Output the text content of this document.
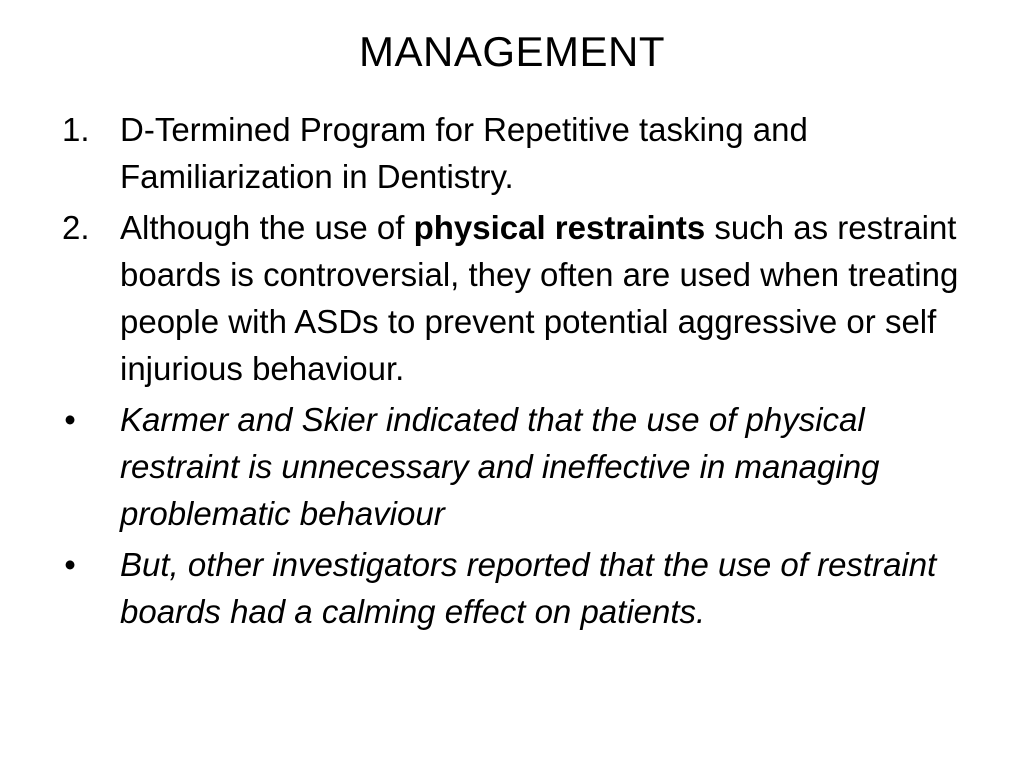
MANAGEMENT
1. D-Termined Program for Repetitive tasking and Familiarization in Dentistry.
2. Although the use of physical restraints such as restraint boards is controversial, they often are used when treating people with ASDs to prevent potential aggressive or self injurious behaviour.
•	Karmer and Skier indicated that the use of physical restraint is unnecessary and ineffective in managing problematic behaviour
•	But, other investigators reported that the use of restraint boards had a calming effect on patients.
